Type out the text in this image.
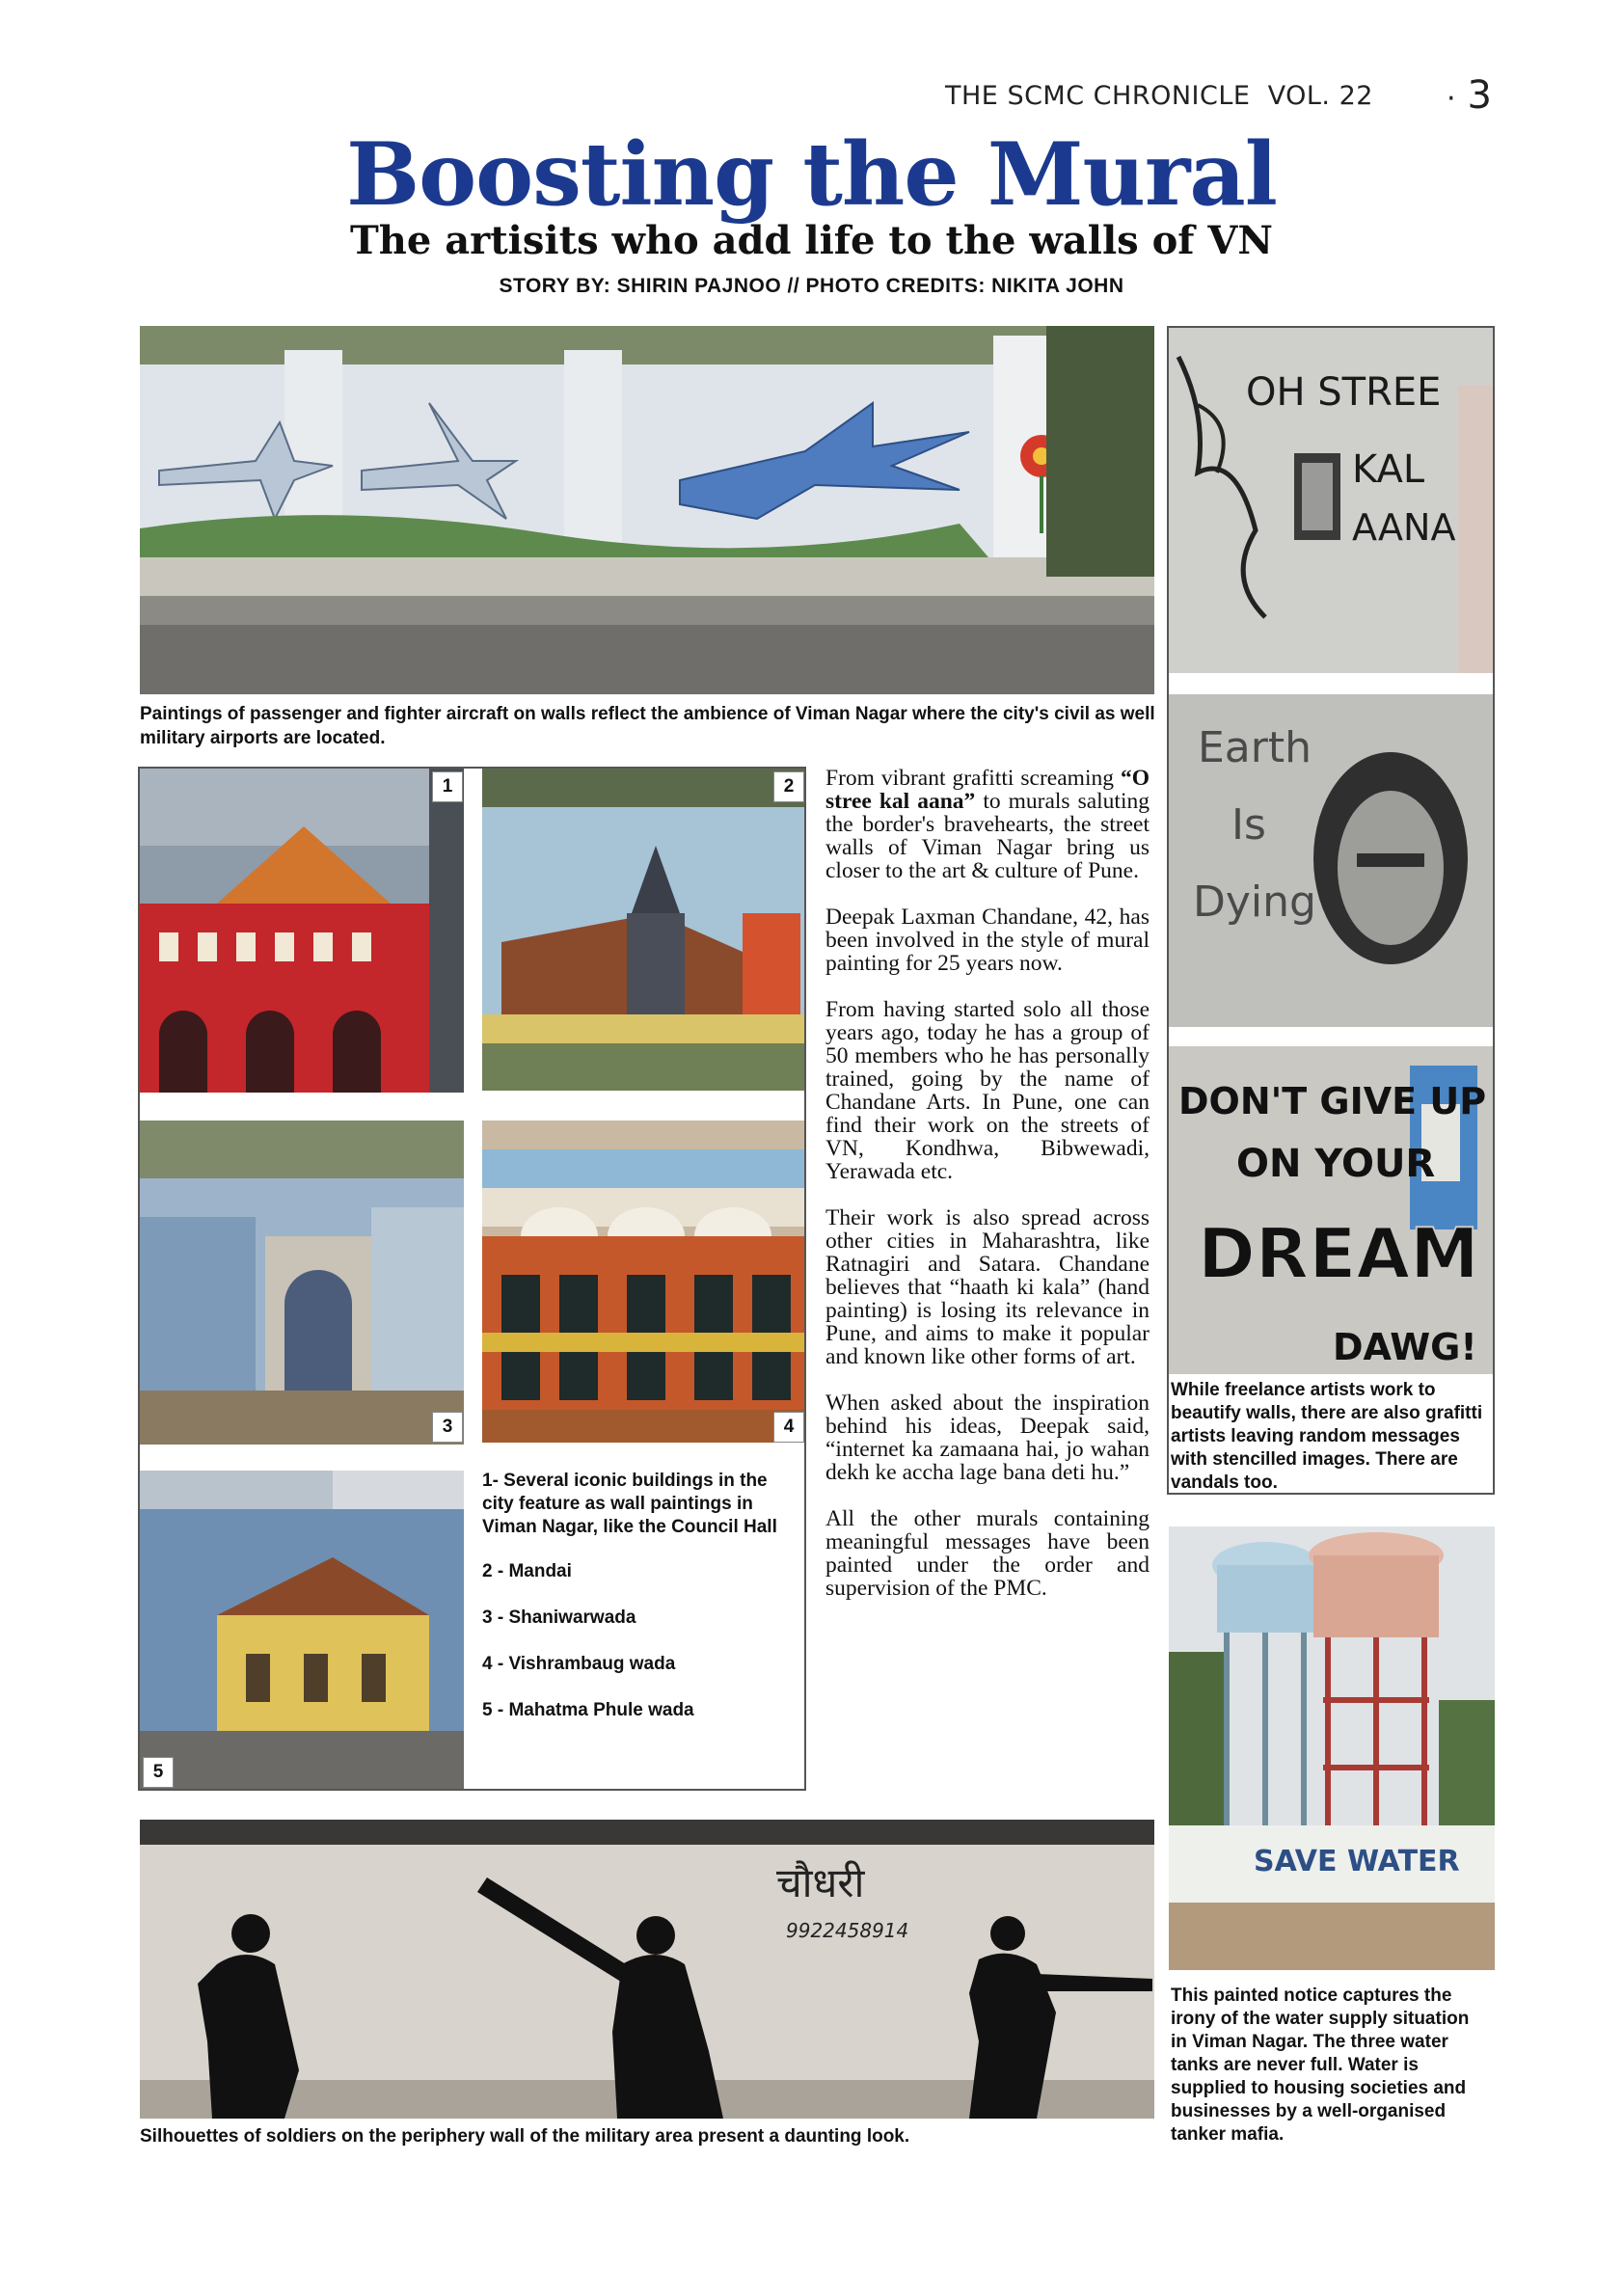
THE SCMC CHRONICLE VOL. 22	· 3
Boosting the Mural
The artisits who add life to the walls of VN
STORY BY: SHIRIN PAJNOO // PHOTO CREDITS: NIKITA JOHN
Paintings of passenger and fighter aircraft on walls reflect the ambience of Viman Nagar where the city's civil as well military airports are located.
1	2
3	4
5
1- Several iconic buildings in the city feature as wall paintings in Viman Nagar, like the Council Hall
2 - Mandai
3 - Shaniwarwada
4 - Vishrambaug wada
5 - Mahatma Phule wada

From vibrant grafitti screaming “O stree kal aana” to murals saluting the border's bravehearts, the street walls of Viman Nagar bring us closer to the art & culture of Pune.

Deepak Laxman Chandane, 42, has been involved in the style of mural painting for 25 years now.

From having started solo all those years ago, today he has a group of 50 members who he has personally trained, going by the name of Chandane Arts. In Pune, one can find their work on the streets of VN, Kondhwa, Bibwewadi, Yerawada etc.

Their work is also spread across other cities in Maharashtra, like Ratnagiri and Satara. Chandane believes that “haath ki kala” (hand painting) is losing its relevance in Pune, and aims to make it popular and known like other forms of art.

When asked about the inspiration behind his ideas, Deepak said, “internet ka zamaana hai, jo wahan dekh ke accha lage bana deti hu.”

All the other murals containing meaningful messages have been painted under the order and supervision of the PMC.

OH STREE
KAL
AANA
Earth
Is
Dying
DON'T GIVE UP
ON YOUR
DREAM
DAWG!
While freelance artists work to beautify walls, there are also grafitti artists leaving random messages with stencilled images. There are vandals too.
SAVE WATER
This painted notice captures the irony of the water supply situation in Viman Nagar. The three water tanks are never full. Water is supplied to housing societies and businesses by a well-organised tanker mafia.
चौधरी
9922458914
Silhouettes of soldiers on the periphery wall of the military area present a daunting look.
